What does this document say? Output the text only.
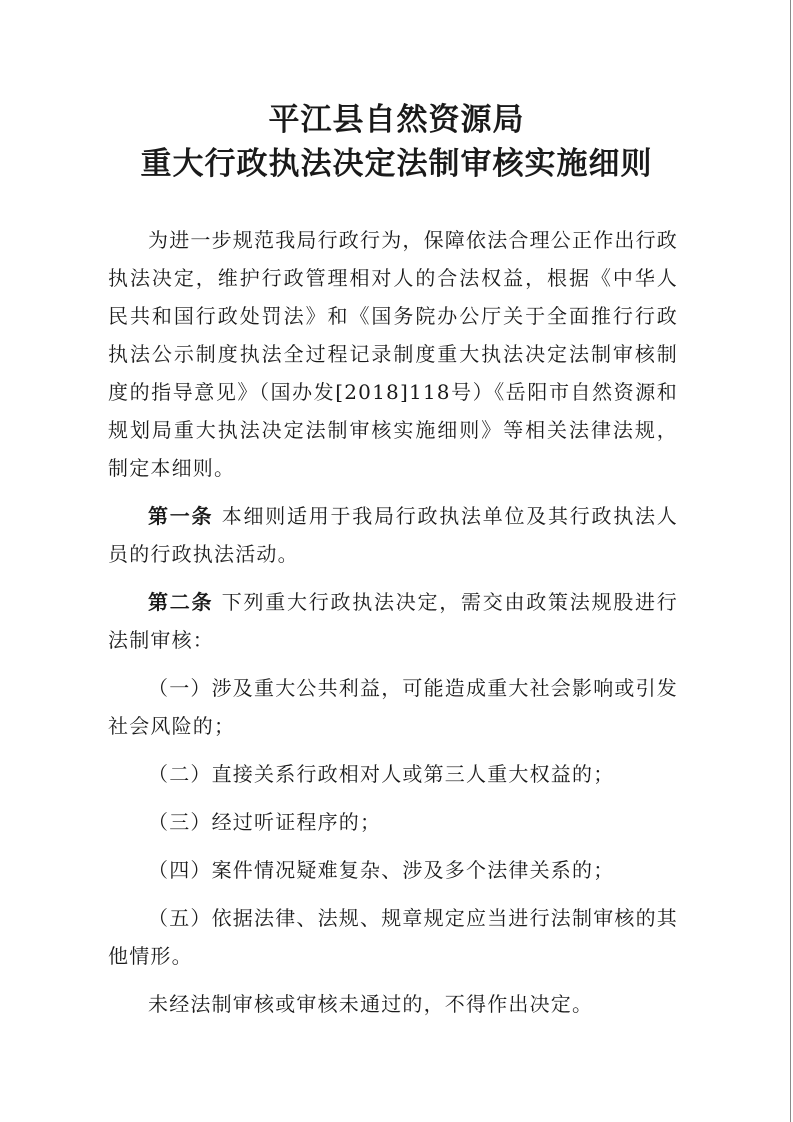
平江县自然资源局
重大行政执法决定法制审核实施细则

为进一步规范我局行政行为，保障依法合理公正作出行政执法决定，维护行政管理相对人的合法权益，根据《中华人民共和国行政处罚法》和《国务院办公厅关于全面推行行政执法公示制度执法全过程记录制度重大执法决定法制审核制度的指导意见》（国办发[2018]118号）《岳阳市自然资源和规划局重大执法决定法制审核实施细则》等相关法律法规，制定本细则。

第一条 本细则适用于我局行政执法单位及其行政执法人员的行政执法活动。

第二条 下列重大行政执法决定，需交由政策法规股进行法制审核：

（一）涉及重大公共利益，可能造成重大社会影响或引发社会风险的；

（二）直接关系行政相对人或第三人重大权益的；

（三）经过听证程序的；

（四）案件情况疑难复杂、涉及多个法律关系的；

（五）依据法律、法规、规章规定应当进行法制审核的其他情形。

未经法制审核或审核未通过的，不得作出决定。
